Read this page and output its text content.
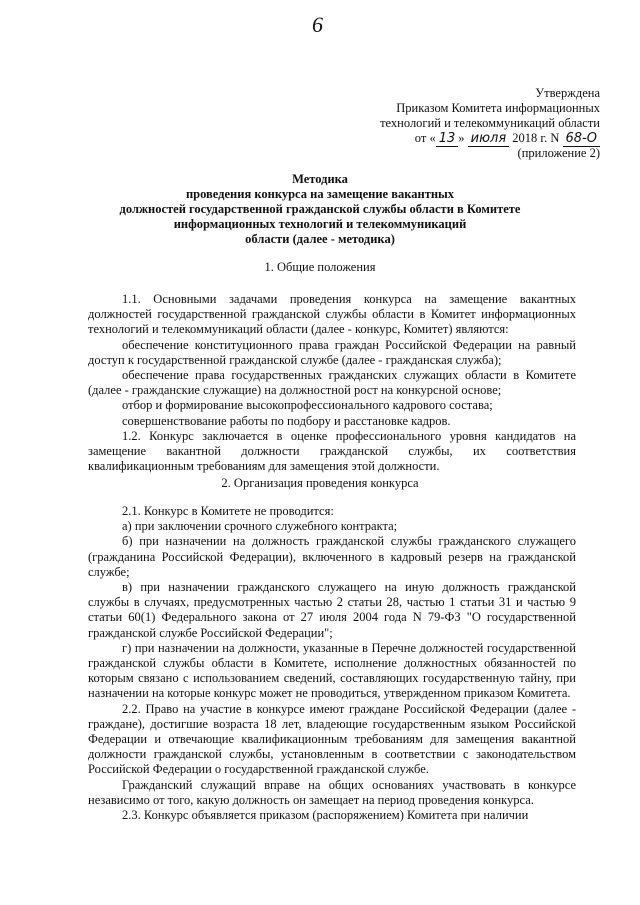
6
Утверждена
Приказом Комитета информационных
технологий и телекоммуникаций области
от « 13 » июля 2018 г. N 68-О
(приложение 2)
Методика
проведения конкурса на замещение вакантных
должностей государственной гражданской службы области в Комитете
информационных технологий и телекоммуникаций
области (далее - методика)
1. Общие положения

1.1. Основными задачами проведения конкурса на замещение вакантных должностей государственной гражданской службы области в Комитет информационных технологий и телекоммуникаций области (далее - конкурс, Комитет) являются:

обеспечение конституционного права граждан Российской Федерации на равный доступ к государственной гражданской службе (далее - гражданская служба);

обеспечение права государственных гражданских служащих области в Комитете (далее - гражданские служащие) на должностной рост на конкурсной основе;

отбор и формирование высокопрофессионального кадрового состава;

совершенствование работы по подбору и расстановке кадров.

1.2. Конкурс заключается в оценке профессионального уровня кандидатов на замещение вакантной должности гражданской службы, их соответствия квалификационным требованиям для замещения этой должности.

2. Организация проведения конкурса

2.1. Конкурс в Комитете не проводится:

а) при заключении срочного служебного контракта;

б) при назначении на должность гражданской службы гражданского служащего (гражданина Российской Федерации), включенного в кадровый резерв на гражданской службе;

в) при назначении гражданского служащего на иную должность гражданской службы в случаях, предусмотренных частью 2 статьи 28, частью 1 статьи 31 и частью 9 статьи 60(1) Федерального закона от 27 июля 2004 года N 79-ФЗ "О государственной гражданской службе Российской Федерации";

г) при назначении на должности, указанные в Перечне должностей государственной гражданской службы области в Комитете, исполнение должностных обязанностей по которым связано с использованием сведений, составляющих государственную тайну, при назначении на которые конкурс может не проводиться, утвержденном приказом Комитета.

2.2. Право на участие в конкурсе имеют граждане Российской Федерации (далее - граждане), достигшие возраста 18 лет, владеющие государственным языком Российской Федерации и отвечающие квалификационным требованиям для замещения вакантной должности гражданской службы, установленным в соответствии с законодательством Российской Федерации о государственной гражданской службе.

Гражданский служащий вправе на общих основаниях участвовать в конкурсе независимо от того, какую должность он замещает на период проведения конкурса.

2.3. Конкурс объявляется приказом (распоряжением) Комитета при наличии
